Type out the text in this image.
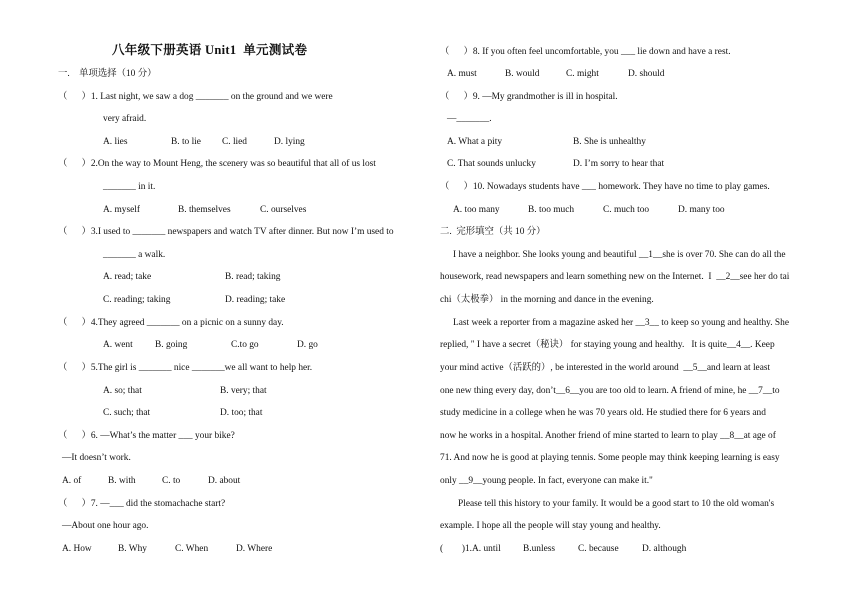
八年级下册英语 Unit1  单元测试卷
一.    单项选择（10 分）
（      ）1. Last night, we saw a dog _______ on the ground and we were
very afraid.
A. lies	B. to lie C. lied	D. lying
（      ）2.On the way to Mount Heng, the scenery was so beautiful that all of us lost
_______ in it.
A. myself	B. themselves	C. ourselves
（      ）3.I used to _______ newspapers and watch TV after dinner. But now I’m used to
_______ a walk.
A. read; take	B. read; taking
C. reading; taking	D. reading; take
（      ）4.They agreed _______ on a picnic on a sunny day.
A. went B. going	C.to go	D. go
（      ）5.The girl is _______ nice _______we all want to help her.
A. so; that	B. very; that
C. such; that	D. too; that
（      ）6. —What’s the matter ___ your bike?
—It doesn’t work.
A. of	B. with	C. to	D. about
（      ）7. —___ did the stomachache start?
—About one hour ago.
A. How	B. Why	C. When	D. Where
（      ）8. If you often feel uncomfortable, you ___ lie down and have a rest.
A. must	B. would	C. might	D. should
（      ）9. —My grandmother is ill in hospital.
—_______.
A. What a pity	B. She is unhealthy
C. That sounds unlucky	D. I’m sorry to hear that
（      ）10. Nowadays students have ___ homework. They have no time to play games.
A. too many	B. too much	C. much too	D. many too
二.  完形填空（共 10 分）
I have a neighbor. She looks young and beautiful __1__she is over 70. She can do all the
housework, read newspapers and learn something new on the Internet.  I  __2__see her do tai
chi（太极拳） in the morning and dance in the evening.
Last week a reporter from a magazine asked her __3__ to keep so young and healthy. She
replied, " I have a secret（秘诀） for staying young and healthy.   It is quite__4__. Keep
your mind active（活跃的）, be interested in the world around  __5__and learn at least
one new thing every day, don’t__6__you are too old to learn. A friend of mine, he __7__to
study medicine in a college when he was 70 years old. He studied there for 6 years and
now he works in a hospital. Another friend of mine started to learn to play __8__at age of
71. And now he is good at playing tennis. Some people may think keeping learning is easy
only __9__young people. In fact, everyone can make it."
Please tell this history to your family. It would be a good start to 10 the old woman's
example. I hope all the people will stay young and healthy.
(        )1.A. until B.unless C. because D. although
